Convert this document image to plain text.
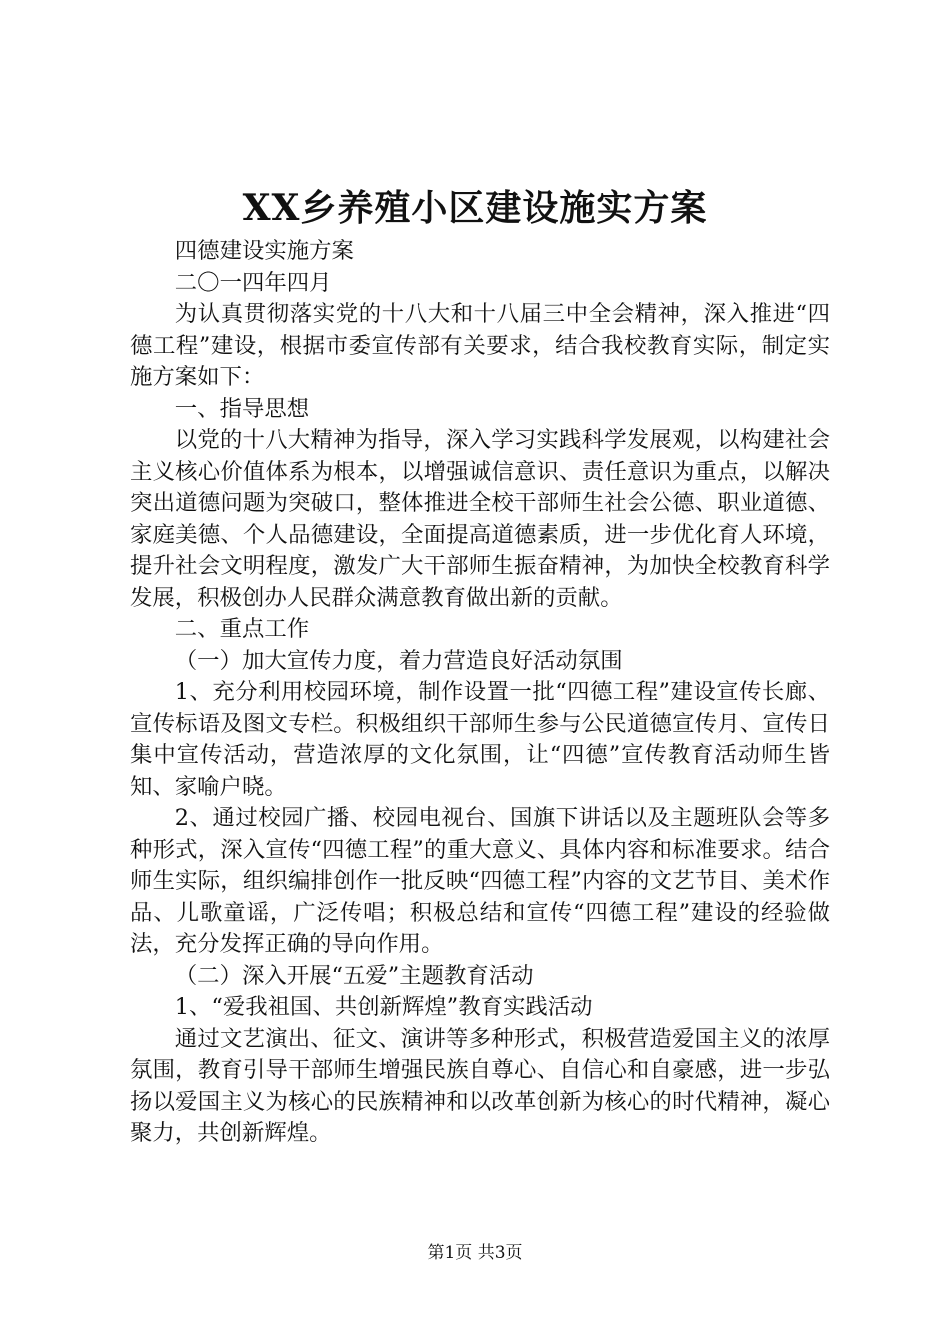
XX乡养殖小区建设施实方案

四德建设实施方案

二〇一四年四月

为认真贯彻落实党的十八大和十八届三中全会精神，深入推进“四德工程”建设，根据市委宣传部有关要求，结合我校教育实际，制定实施方案如下：

一、指导思想

以党的十八大精神为指导，深入学习实践科学发展观，以构建社会主义核心价值体系为根本，以增强诚信意识、责任意识为重点，以解决突出道德问题为突破口，整体推进全校干部师生社会公德、职业道德、家庭美德、个人品德建设，全面提高道德素质，进一步优化育人环境，提升社会文明程度，激发广大干部师生振奋精神，为加快全校教育科学发展，积极创办人民群众满意教育做出新的贡献。

二、重点工作

（一）加大宣传力度，着力营造良好活动氛围

1、充分利用校园环境，制作设置一批“四德工程”建设宣传长廊、宣传标语及图文专栏。积极组织干部师生参与公民道德宣传月、宣传日集中宣传活动，营造浓厚的文化氛围，让“四德”宣传教育活动师生皆知、家喻户晓。

2、通过校园广播、校园电视台、国旗下讲话以及主题班队会等多种形式，深入宣传“四德工程”的重大意义、具体内容和标准要求。结合师生实际，组织编排创作一批反映“四德工程”内容的文艺节目、美术作品、儿歌童谣，广泛传唱；积极总结和宣传“四德工程”建设的经验做法，充分发挥正确的导向作用。

（二）深入开展“五爱”主题教育活动

1、“爱我祖国、共创新辉煌”教育实践活动

通过文艺演出、征文、演讲等多种形式，积极营造爱国主义的浓厚氛围，教育引导干部师生增强民族自尊心、自信心和自豪感，进一步弘扬以爱国主义为核心的民族精神和以改革创新为核心的时代精神，凝心聚力，共创新辉煌。

第1页 共3页
